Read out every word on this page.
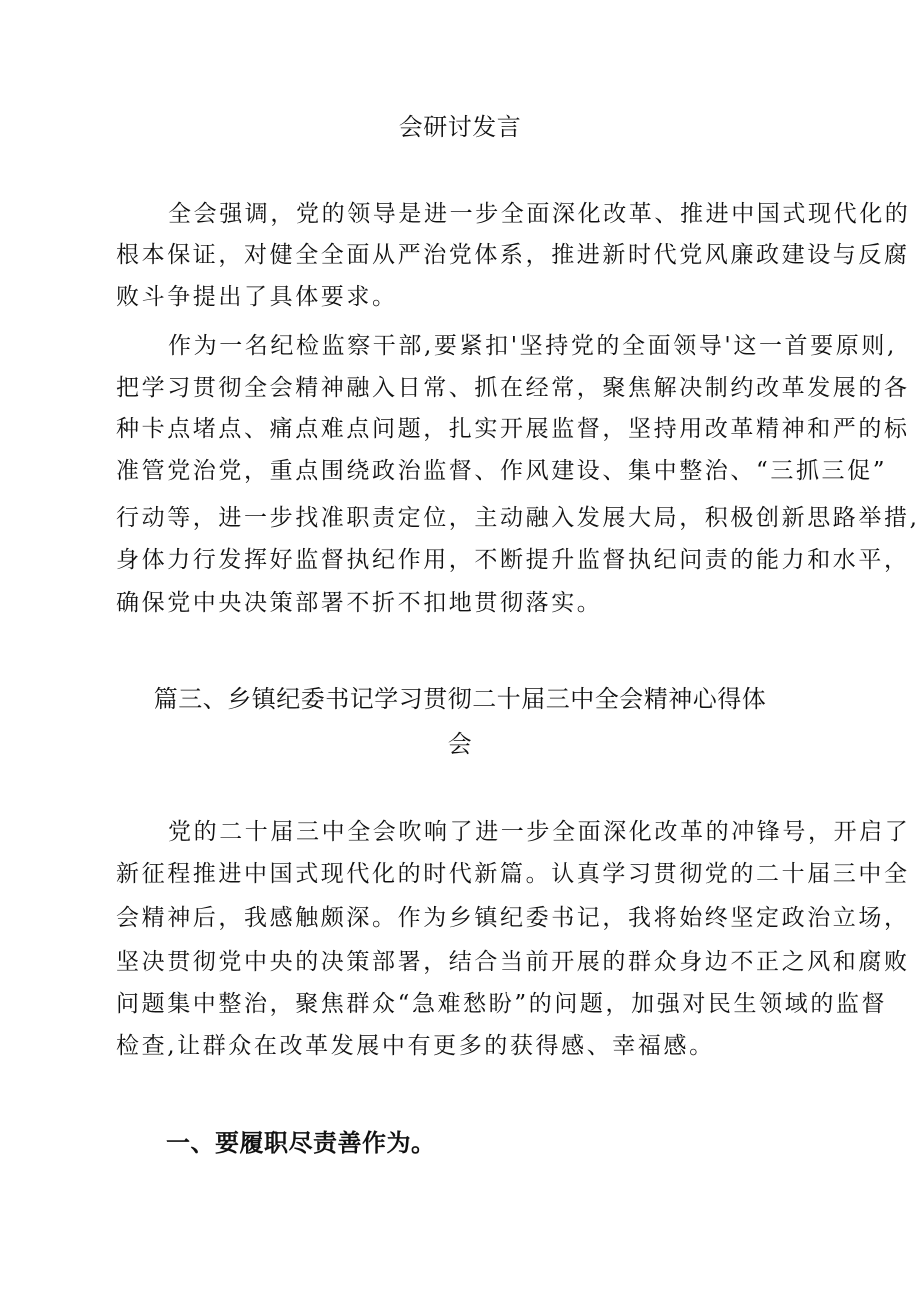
会研讨发言
全会强调，党的领导是进一步全面深化改革、推进中国式现代化的
根本保证，对健全全面从严治党体系，推进新时代党风廉政建设与反腐
败斗争提出了具体要求。
作为一名纪检监察干部,要紧扣'坚持党的全面领导'这一首要原则,
把学习贯彻全会精神融入日常、抓在经常，聚焦解决制约改革发展的各
种卡点堵点、痛点难点问题，扎实开展监督，坚持用改革精神和严的标
准管党治党，重点围绕政治监督、作风建设、集中整治、“三抓三促”
行动等，进一步找准职责定位，主动融入发展大局，积极创新思路举措,
身体力行发挥好监督执纪作用，不断提升监督执纪问责的能力和水平，
确保党中央决策部署不折不扣地贯彻落实。
篇三、乡镇纪委书记学习贯彻二十届三中全会精神心得体
会
党的二十届三中全会吹响了进一步全面深化改革的冲锋号，开启了
新征程推进中国式现代化的时代新篇。认真学习贯彻党的二十届三中全
会精神后，我感触颇深。作为乡镇纪委书记，我将始终坚定政治立场，
坚决贯彻党中央的决策部署，结合当前开展的群众身边不正之风和腐败
问题集中整治，聚焦群众“急难愁盼”的问题，加强对民生领域的监督
检查,让群众在改革发展中有更多的获得感、幸福感。
一、要履职尽责善作为。
